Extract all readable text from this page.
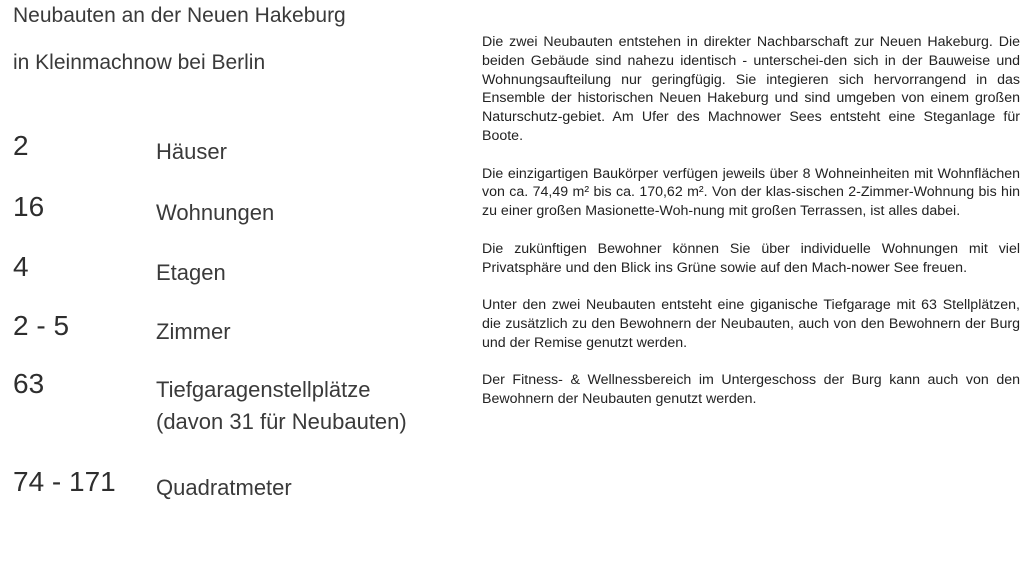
Neubauten an der Neuen Hakeburg
in Kleinmachnow bei Berlin
2	Häuser
16	Wohnungen
4	Etagen
2 - 5	Zimmer
63	Tiefgaragenstellplätze
(davon 31 für Neubauten)
74 - 171 Quadratmeter

Die zwei Neubauten entstehen in direkter Nachbarschaft zur Neuen Hakeburg. Die beiden Gebäude sind nahezu identisch - unterschei-den sich in der Bauweise und Wohnungsaufteilung nur geringfügig. Sie integieren sich hervorrangend in das Ensemble der historischen Neuen Hakeburg und sind umgeben von einem großen Naturschutz-gebiet. Am Ufer des Machnower Sees entsteht eine Steganlage für Boote.

Die einzigartigen Baukörper verfügen jeweils über 8 Wohneinheiten mit Wohnflächen von ca. 74,49 m² bis ca. 170,62 m². Von der klas-sischen 2-Zimmer-Wohnung bis hin zu einer großen Masionette-Woh-nung mit großen Terrassen, ist alles dabei.

Die zukünftigen Bewohner können Sie über individuelle Wohnungen mit viel Privatsphäre und den Blick ins Grüne sowie auf den Mach-nower See freuen.

Unter den zwei Neubauten entsteht eine giganische Tiefgarage mit 63 Stellplätzen, die zusätzlich zu den Bewohnern der Neubauten, auch von den Bewohnern der Burg und der Remise genutzt werden.

Der Fitness- & Wellnessbereich im Untergeschoss der Burg kann auch von den Bewohnern der Neubauten genutzt werden.
